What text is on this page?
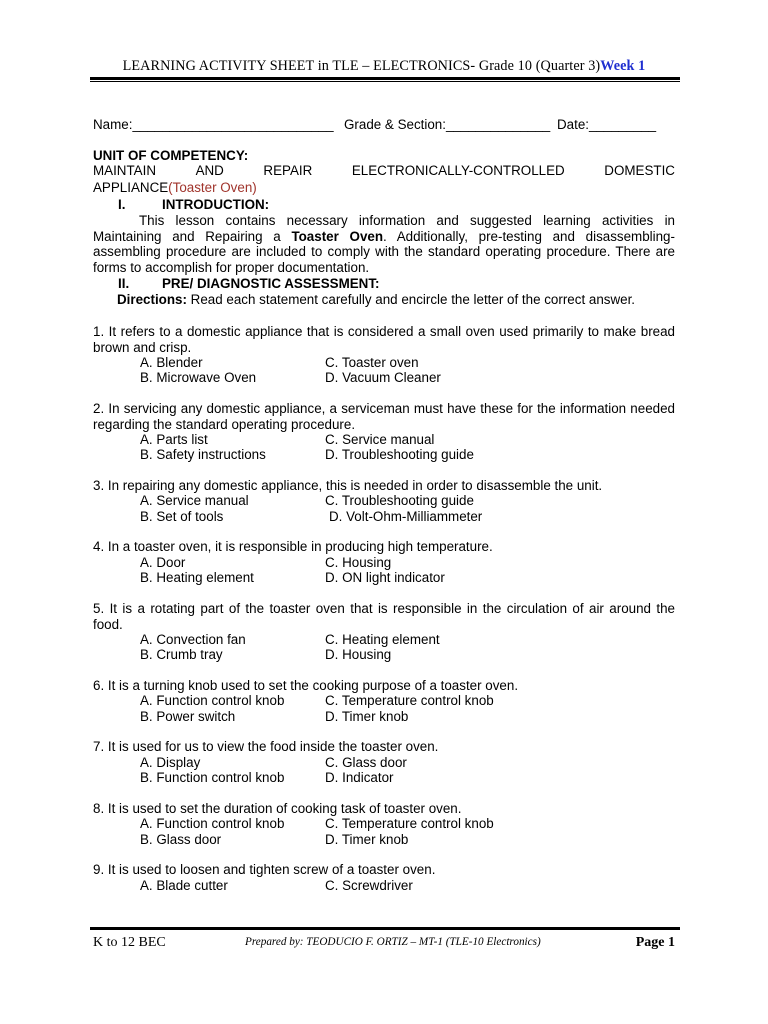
LEARNING ACTIVITY SHEET in TLE – ELECTRONICS- Grade 10 (Quarter 3)Week 1
Name:___________________________ Grade & Section:______________ Date:_________
UNIT OF COMPETENCY:
MAINTAIN	AND	REPAIR	ELECTRONICALLY-CONTROLLED	DOMESTIC
APPLIANCE(Toaster Oven)
I.	INTRODUCTION:
This lesson contains necessary information and suggested learning activities in Maintaining and Repairing a Toaster Oven. Additionally, pre-testing and disassembling-assembling procedure are included to comply with the standard operating procedure. There are forms to accomplish for proper documentation.
II. PRE/ DIAGNOSTIC ASSESSMENT:
Directions: Read each statement carefully and encircle the letter of the correct answer.
1. It refers to a domestic appliance that is considered a small oven used primarily to make bread brown and crisp.
A. Blender	C. Toaster oven
B. Microwave Oven	D. Vacuum Cleaner
2. In servicing any domestic appliance, a serviceman must have these for the information needed regarding the standard operating procedure.
A. Parts list	C. Service manual
B. Safety instructions	D. Troubleshooting guide
3. In repairing any domestic appliance, this is needed in order to disassemble the unit.
A. Service manual	C. Troubleshooting guide
B. Set of tools	D. Volt-Ohm-Milliammeter
4. In a toaster oven, it is responsible in producing high temperature.
A. Door	C. Housing
B. Heating element	D. ON light indicator
5. It is a rotating part of the toaster oven that is responsible in the circulation of air around the food.
A. Convection fan	C. Heating element
B. Crumb tray	D. Housing
6. It is a turning knob used to set the cooking purpose of a toaster oven.
A. Function control knob	C. Temperature control knob
B. Power switch	D. Timer knob
7. It is used for us to view the food inside the toaster oven.
A. Display	C. Glass door
B. Function control knob	D. Indicator
8. It is used to set the duration of cooking task of toaster oven.
A. Function control knob	C. Temperature control knob
B. Glass door	D. Timer knob
9. It is used to loosen and tighten screw of a toaster oven.
A. Blade cutter	C. Screwdriver
K to 12 BEC	Prepared by: TEODUCIO F. ORTIZ – MT-1 (TLE-10 Electronics)	Page 1
